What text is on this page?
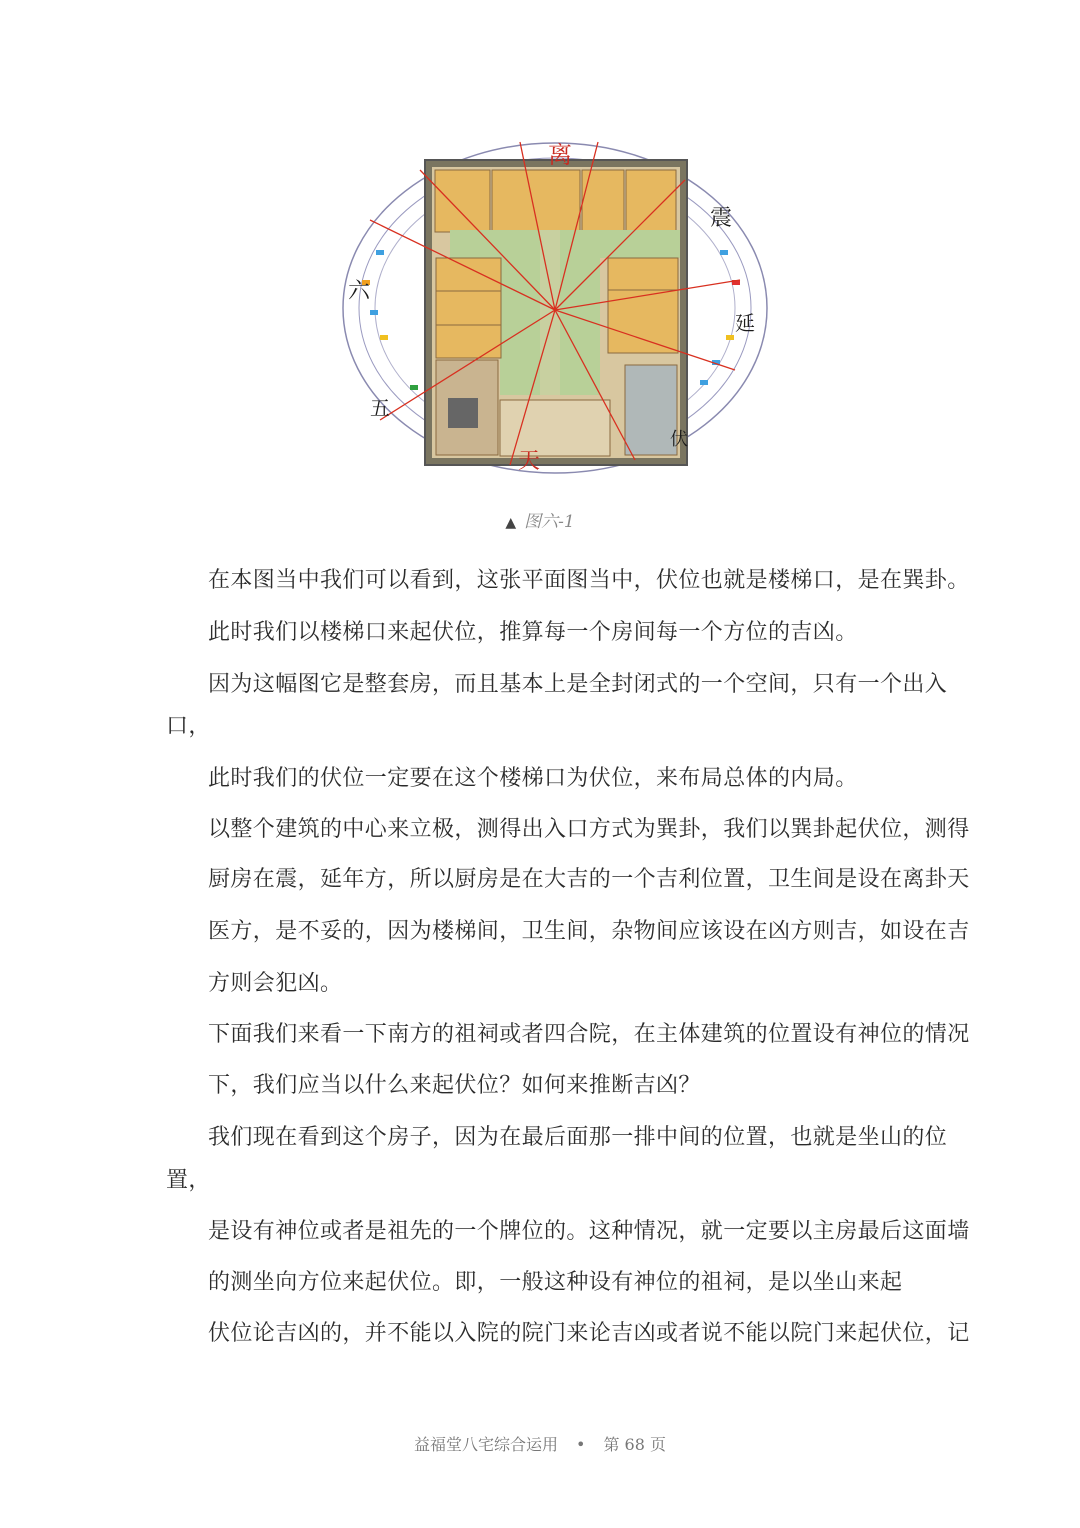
离
天
六
五
震
延
伏
▲ 图六-1
在本图当中我们可以看到，这张平面图当中，伏位也就是楼梯口，是在巽卦。
此时我们以楼梯口来起伏位，推算每一个房间每一个方位的吉凶。
因为这幅图它是整套房，而且基本上是全封闭式的一个空间，只有一个出入
口，
此时我们的伏位一定要在这个楼梯口为伏位，来布局总体的内局。
以整个建筑的中心来立极，测得出入口方式为巽卦，我们以巽卦起伏位，测得
厨房在震，延年方，所以厨房是在大吉的一个吉利位置，卫生间是设在离卦天
医方，是不妥的，因为楼梯间，卫生间，杂物间应该设在凶方则吉，如设在吉
方则会犯凶。
下面我们来看一下南方的祖祠或者四合院，在主体建筑的位置设有神位的情况
下，我们应当以什么来起伏位？如何来推断吉凶？
我们现在看到这个房子，因为在最后面那一排中间的位置，也就是坐山的位
置，
是设有神位或者是祖先的一个牌位的。这种情况，就一定要以主房最后这面墙
的测坐向方位来起伏位。即，一般这种设有神位的祖祠，是以坐山来起
伏位论吉凶的，并不能以入院的院门来论吉凶或者说不能以院门来起伏位，记
益福堂八宅综合运用 • 第 68 页
